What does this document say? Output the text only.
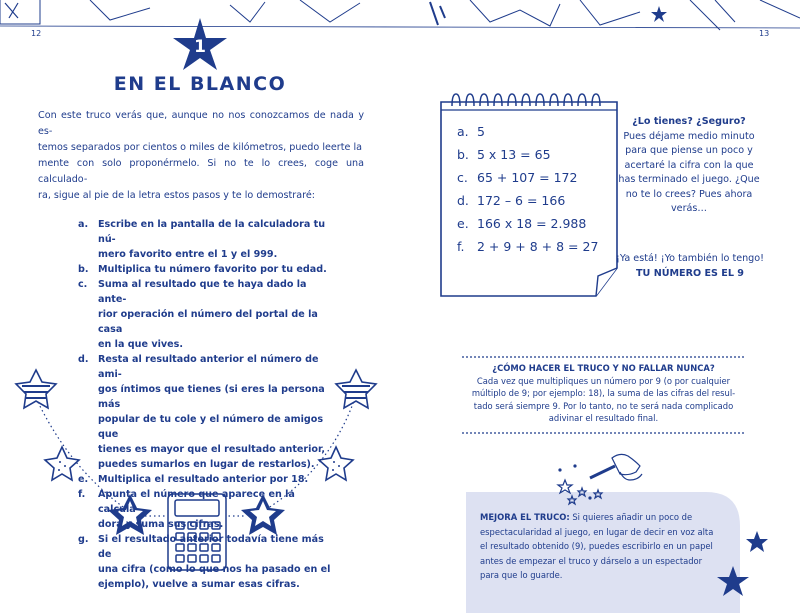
12	13
1
EN EL BLANCO
Con este truco verás que, aunque no nos conozcamos de nada y es-
temos separados por cientos o miles de kilómetros, puedo leerte la
mente con solo proponérmelo. Si no te lo crees, coge una calculado-
ra, sigue al pie de la letra estos pasos y te lo demostraré:
a. Escribe en la pantalla de la calculadora tu nú-
mero favorito entre el 1 y el 999.
b. Multiplica tu número favorito por tu edad.
c. Suma al resultado que te haya dado la ante-
rior operación el número del portal de la casa
en la que vives.
d. Resta al resultado anterior el número de ami-
gos íntimos que tienes (si eres la persona más
popular de tu cole y el número de amigos que
tienes es mayor que el resultado anterior,
puedes sumarlos en lugar de restarlos).
e. Multiplica el resultado anterior por 18.
f. Apunta el número que aparece en la calcula-
dora y suma sus cifras.
g. Si el resultado anterior todavía tiene más de
una cifra (como lo que nos ha pasado en el
ejemplo), vuelve a sumar esas cifras.
a. 5
b. 5 x 13 = 65
c. 65 + 107 = 172
d. 172 – 6 = 166
e. 166 x 18 = 2.988
f. 2 + 9 + 8 + 8 = 27
¿Lo tienes? ¿Seguro?
Pues déjame medio minuto
para que piense un poco y
acertaré la cifra con la que
has terminado el juego. ¿Que
no te lo crees? Pues ahora
verás…
¡Ya está! ¡Yo también lo tengo!
TU NÚMERO ES EL 9
¿CÓMO HACER EL TRUCO Y NO FALLAR NUNCA?
Cada vez que multipliques un número por 9 (o por cualquier
múltiplo de 9; por ejemplo: 18), la suma de las cifras del resul-
tado será siempre 9. Por lo tanto, no te será nada complicado
adivinar el resultado final.
MEJORA EL TRUCO: Si quieres añadir un poco de
espectacularidad al juego, en lugar de decir en voz alta
el resultado obtenido (9), puedes escribirlo en un papel
antes de empezar el truco y dárselo a un espectador
para que lo guarde.
